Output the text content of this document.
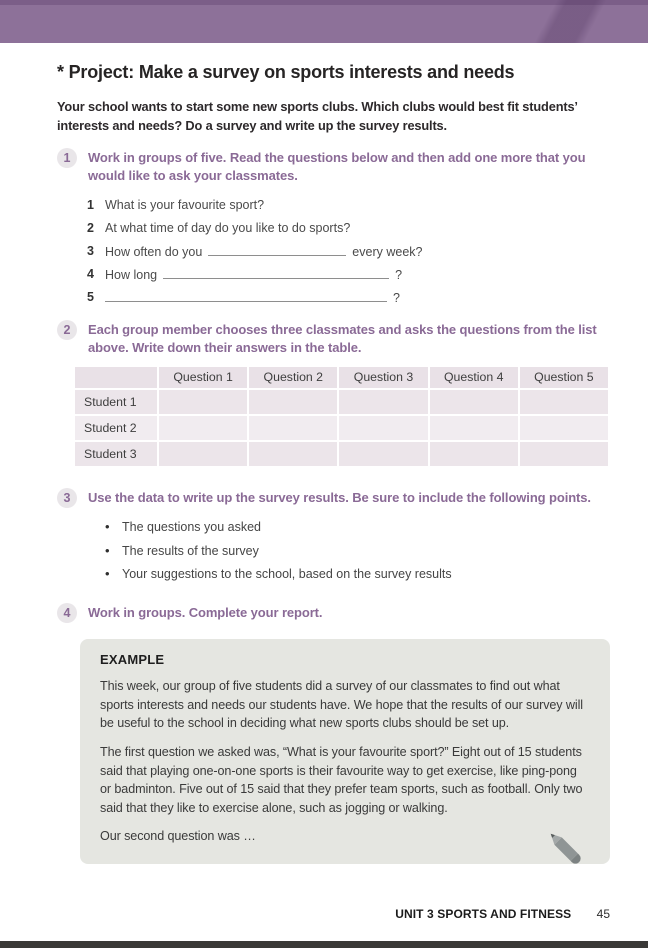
* Project: Make a survey on sports interests and needs

Your school wants to start some new sports clubs. Which clubs would best fit students’ interests and needs? Do a survey and write up the survey results.

1	Work in groups of five. Read the questions below and then add one more that you would like to ask your classmates.
1 What is your favourite sport?
2 At what time of day do you like to do sports?
3 How often do you	every week?
4 How long	?
5	?
2	Each group member chooses three classmates and asks the questions from the list above. Write down their answers in the table.
Question 1	Question 2	Question 3	Question 4	Question 5
Student 1
Student 2
Student 3
3	Use the data to write up the survey results. Be sure to include the following points.
• The questions you asked
• The results of the survey
• Your suggestions to the school, based on the survey results
4	Work in groups. Complete your report.
EXAMPLE

This week, our group of five students did a survey of our classmates to find out what sports interests and needs our students have. We hope that the results of our survey will be useful to the school in deciding what new sports clubs should be set up.

The first question we asked was, “What is your favourite sport?” Eight out of 15 students said that playing one-on-one sports is their favourite way to get exercise, like ping-pong or badminton. Five out of 15 said that they prefer team sports, such as football. Only two said that they like to exercise alone, such as jogging or walking.

Our second question was …

UNIT 3 SPORTS AND FITNESS 45
